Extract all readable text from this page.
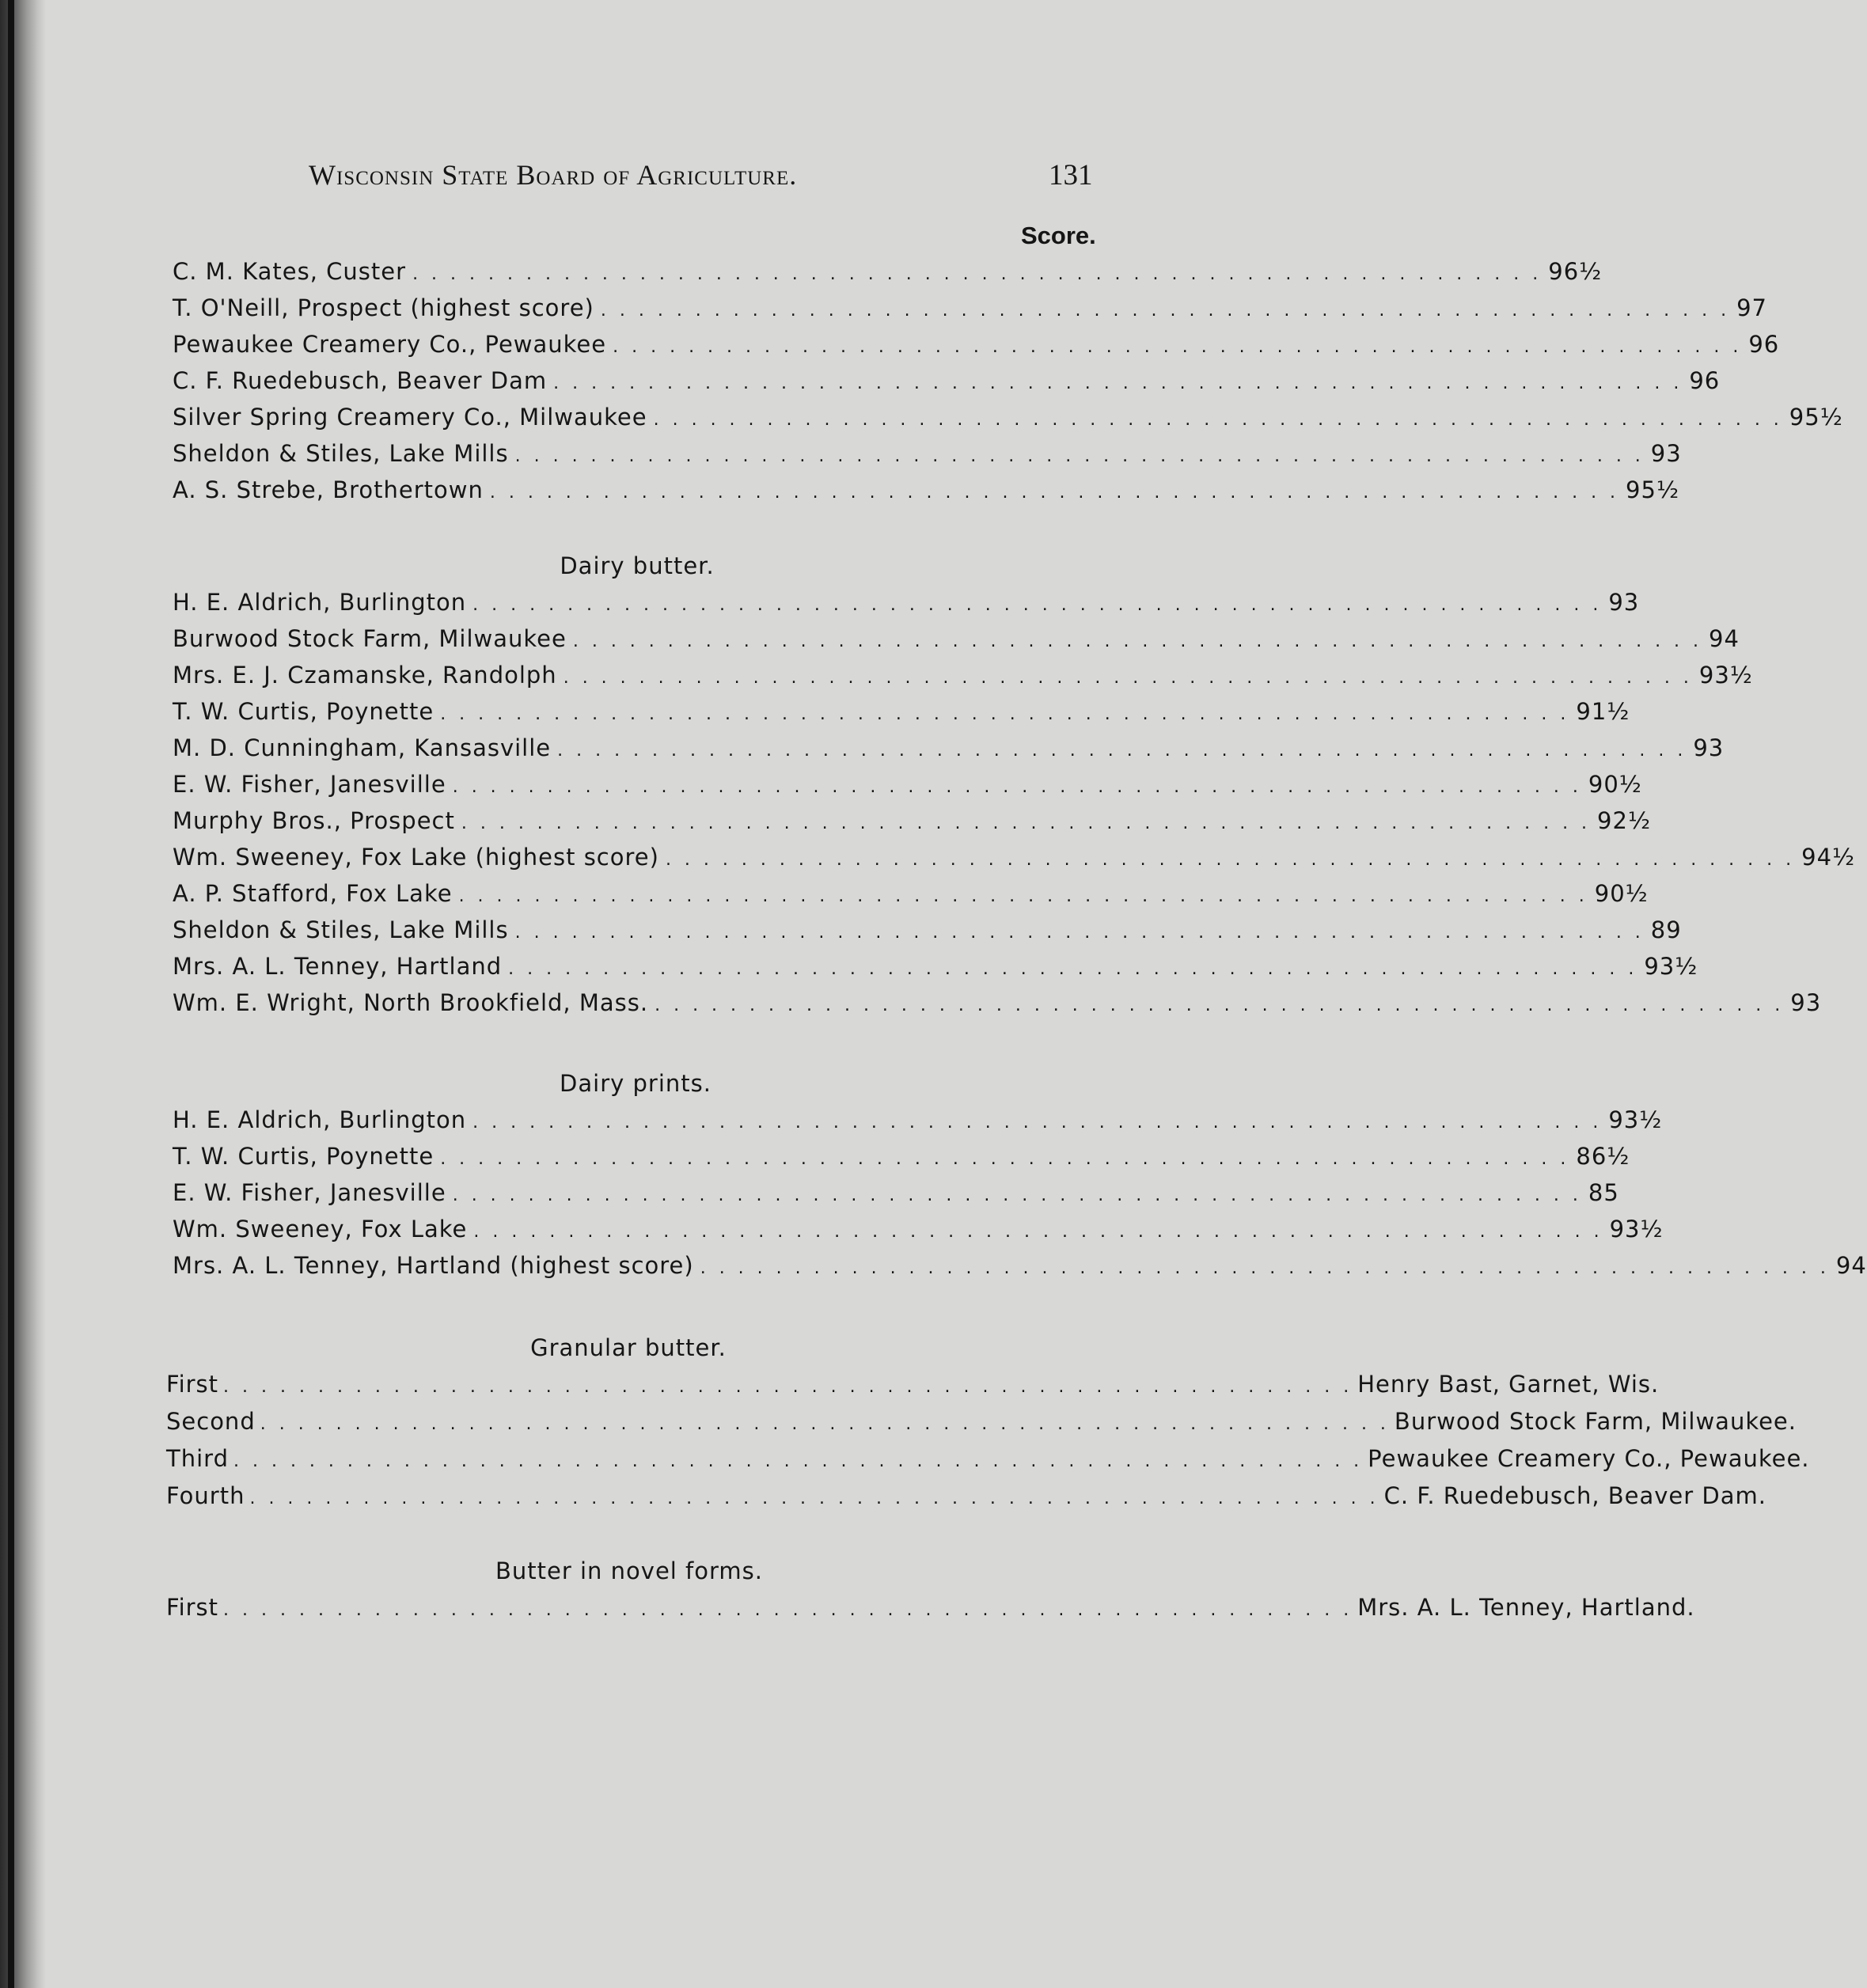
Wisconsin State Board of Agriculture.	131
Score.
C. M. Kates, Custer . . . . . . . . . . . . . . . . . . . . . . . . . . . . . . . . . . . . . . . . . . . . . . . . . . . . . . . . . . . . 96½
T. O'Neill, Prospect (highest score) . . . . . . . . . . . . . . . . . . . . . . . . . . . . . . . . . . . . . . . . . . . . . . . . . . . . . . . . . . . . 97
Pewaukee Creamery Co., Pewaukee . . . . . . . . . . . . . . . . . . . . . . . . . . . . . . . . . . . . . . . . . . . . . . . . . . . . . . . . . . . . 96
C. F. Ruedebusch, Beaver Dam . . . . . . . . . . . . . . . . . . . . . . . . . . . . . . . . . . . . . . . . . . . . . . . . . . . . . . . . . . . . 96
Silver Spring Creamery Co., Milwaukee . . . . . . . . . . . . . . . . . . . . . . . . . . . . . . . . . . . . . . . . . . . . . . . . . . . . . . . . . . . . 95½
Sheldon & Stiles, Lake Mills . . . . . . . . . . . . . . . . . . . . . . . . . . . . . . . . . . . . . . . . . . . . . . . . . . . . . . . . . . . . 93
A. S. Strebe, Brothertown . . . . . . . . . . . . . . . . . . . . . . . . . . . . . . . . . . . . . . . . . . . . . . . . . . . . . . . . . . . . 95½
Dairy butter.
H. E. Aldrich, Burlington . . . . . . . . . . . . . . . . . . . . . . . . . . . . . . . . . . . . . . . . . . . . . . . . . . . . . . . . . . . . 93
Burwood Stock Farm, Milwaukee . . . . . . . . . . . . . . . . . . . . . . . . . . . . . . . . . . . . . . . . . . . . . . . . . . . . . . . . . . . . 94
Mrs. E. J. Czamanske, Randolph . . . . . . . . . . . . . . . . . . . . . . . . . . . . . . . . . . . . . . . . . . . . . . . . . . . . . . . . . . . . 93½
T. W. Curtis, Poynette . . . . . . . . . . . . . . . . . . . . . . . . . . . . . . . . . . . . . . . . . . . . . . . . . . . . . . . . . . . . 91½
M. D. Cunningham, Kansasville . . . . . . . . . . . . . . . . . . . . . . . . . . . . . . . . . . . . . . . . . . . . . . . . . . . . . . . . . . . . 93
E. W. Fisher, Janesville . . . . . . . . . . . . . . . . . . . . . . . . . . . . . . . . . . . . . . . . . . . . . . . . . . . . . . . . . . . . 90½
Murphy Bros., Prospect . . . . . . . . . . . . . . . . . . . . . . . . . . . . . . . . . . . . . . . . . . . . . . . . . . . . . . . . . . . . 92½
Wm. Sweeney, Fox Lake (highest score) . . . . . . . . . . . . . . . . . . . . . . . . . . . . . . . . . . . . . . . . . . . . . . . . . . . . . . . . . . . . 94½
A. P. Stafford, Fox Lake . . . . . . . . . . . . . . . . . . . . . . . . . . . . . . . . . . . . . . . . . . . . . . . . . . . . . . . . . . . . 90½
Sheldon & Stiles, Lake Mills . . . . . . . . . . . . . . . . . . . . . . . . . . . . . . . . . . . . . . . . . . . . . . . . . . . . . . . . . . . . 89
Mrs. A. L. Tenney, Hartland . . . . . . . . . . . . . . . . . . . . . . . . . . . . . . . . . . . . . . . . . . . . . . . . . . . . . . . . . . . . 93½
Wm. E. Wright, North Brookfield, Mass. . . . . . . . . . . . . . . . . . . . . . . . . . . . . . . . . . . . . . . . . . . . . . . . . . . . . . . . . . . . . 93
Dairy prints.
H. E. Aldrich, Burlington . . . . . . . . . . . . . . . . . . . . . . . . . . . . . . . . . . . . . . . . . . . . . . . . . . . . . . . . . . . . 93½
T. W. Curtis, Poynette . . . . . . . . . . . . . . . . . . . . . . . . . . . . . . . . . . . . . . . . . . . . . . . . . . . . . . . . . . . . 86½
E. W. Fisher, Janesville . . . . . . . . . . . . . . . . . . . . . . . . . . . . . . . . . . . . . . . . . . . . . . . . . . . . . . . . . . . . 85
Wm. Sweeney, Fox Lake . . . . . . . . . . . . . . . . . . . . . . . . . . . . . . . . . . . . . . . . . . . . . . . . . . . . . . . . . . . . 93½
Mrs. A. L. Tenney, Hartland (highest score) . . . . . . . . . . . . . . . . . . . . . . . . . . . . . . . . . . . . . . . . . . . . . . . . . . . . . . . . . . . . 94
Granular butter.
First . . . . . . . . . . . . . . . . . . . . . . . . . . . . . . . . . . . . . . . . . . . . . . . . . . . . . . . . . . . . Henry Bast, Garnet, Wis.
Second . . . . . . . . . . . . . . . . . . . . . . . . . . . . . . . . . . . . . . . . . . . . . . . . . . . . . . . . . . . . Burwood Stock Farm, Milwaukee.
Third . . . . . . . . . . . . . . . . . . . . . . . . . . . . . . . . . . . . . . . . . . . . . . . . . . . . . . . . . . . . Pewaukee Creamery Co., Pewaukee.
Fourth . . . . . . . . . . . . . . . . . . . . . . . . . . . . . . . . . . . . . . . . . . . . . . . . . . . . . . . . . . . . C. F. Ruedebusch, Beaver Dam.
Butter in novel forms.
First . . . . . . . . . . . . . . . . . . . . . . . . . . . . . . . . . . . . . . . . . . . . . . . . . . . . . . . . . . . . Mrs. A. L. Tenney, Hartland.
